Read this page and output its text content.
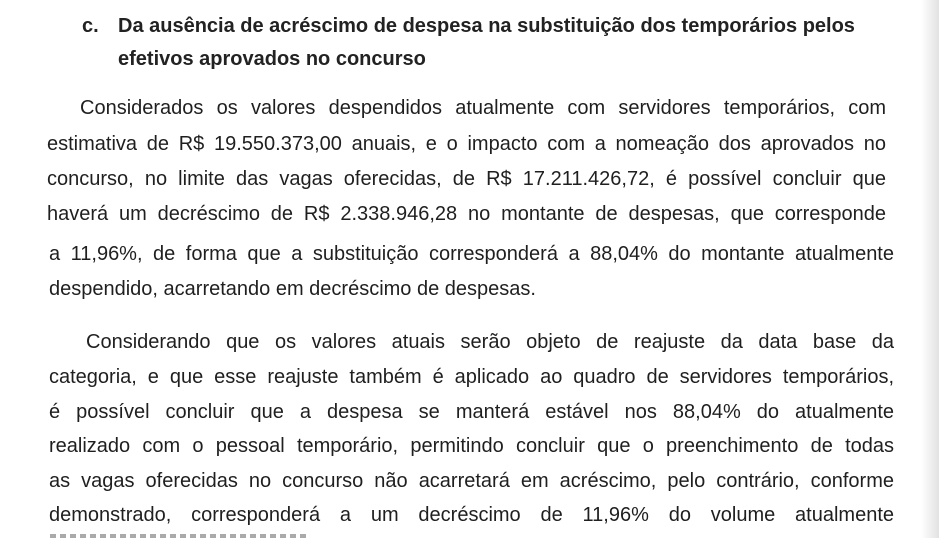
c. Da ausência de acréscimo de despesa na substituição dos temporários pelos efetivos aprovados no concurso
Considerados os valores despendidos atualmente com servidores temporários, com
estimativa de R$ 19.550.373,00 anuais, e o impacto com a nomeação dos aprovados no
concurso, no limite das vagas oferecidas, de R$ 17.211.426,72, é possível concluir que
haverá um decréscimo de R$ 2.338.946,28 no montante de despesas, que corresponde
a 11,96%, de forma que a substituição corresponderá a 88,04% do montante atualmente
despendido, acarretando em decréscimo de despesas.
Considerando que os valores atuais serão objeto de reajuste da data base da
categoria, e que esse reajuste também é aplicado ao quadro de servidores temporários,
é possível concluir que a despesa se manterá estável nos 88,04% do atualmente
realizado com o pessoal temporário, permitindo concluir que o preenchimento de todas
as vagas oferecidas no concurso não acarretará em acréscimo, pelo contrário, conforme
demonstrado, corresponderá a um decréscimo de 11,96% do volume atualmente
